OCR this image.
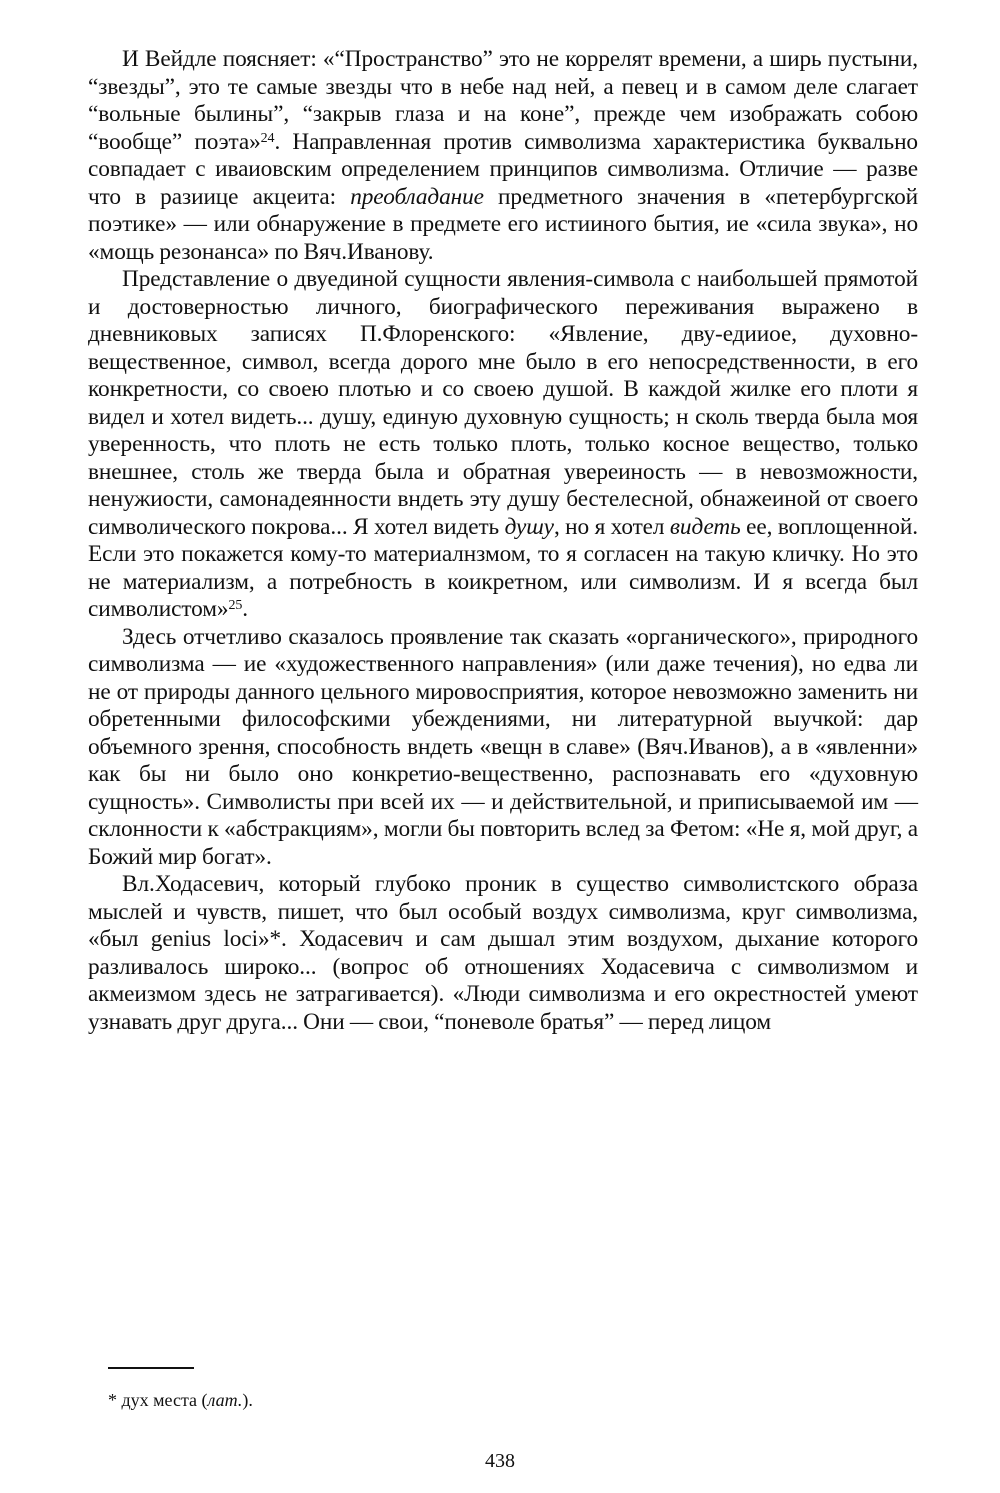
И Вейдле поясняет: «“Пространство” это не коррелят времени, а ширь пустыни, “звезды”, это те самые звезды что в небе над ней, а певец и в самом деле слагает “вольные былины”, “закрыв глаза и на коне”, прежде чем изображать собою “вообще” поэта»$^{24}$. Направленная против символизма характеристика буквально совпадает с иваиовским определением принципов символизма. Отличие — разве что в разиице акцеита: преобладание предметного значения в «петербургской поэтике» — или обнаружение в предмете его истииного бытия, ие «сила звука», но «мощь резонанса» по Вяч.Иванову.

Представление о двуединой сущности явления-символа с наибольшей прямотой и достоверностью личного, биографического переживания выражено в дневниковых записях П.Флоренского: «Явление, дву-едииое, духовно-вещественное, символ, всегда дорого мне было в его непосредственности, в его конкретности, со своею плотью и со своею душой. В каждой жилке его плоти я видел и хотел видеть... душу, единую духовную сущность; н сколь тверда была моя уверенность, что плоть не есть только плоть, только косное вещество, только внешнее, столь же тверда была и обратная увереиность — в невозможности, ненужиости, самонадеянности вндеть эту душу бестелесной, обнажеиной от своего символического покрова... Я хотел видеть душу, но я хотел видеть ее, воплощенной. Если это покажется кому-то материалнзмом, то я согласен на такую кличку. Но это не материализм, а потребность в коикретном, или символизм. И я всегда был символистом»$^{25}$.

Здесь отчетливо сказалось проявление так сказать «органического», природного символизма — ие «художественного направления» (или даже течения), но едва ли не от природы данного цельного мировосприятия, которое невозможно заменить ни обретенными философскими убеждениями, ни литературной выучкой: дар объемного зрення, способность вндеть «вещн в славе» (Вяч.Иванов), а в «явленни» как бы ни было оно конкретио-вещественно, распознавать его «духовную сущность». Символисты при всей их — и действительной, и приписываемой им — склонности к «абстракциям», могли бы повторить вслед за Фетом: «Не я, мой друг, а Божий мир богат».

Вл.Ходасевич, который глубоко проник в существо символистского образа мыслей и чувств, пишет, что был особый воздух символизма, круг символизма, «был genius loci»*. Ходасевич и сам дышал этим воздухом, дыхание которого разливалось широко... (вопрос об отношениях Ходасевича с символизмом и акмеизмом здесь не затрагивается). «Люди символизма и его окрестностей умеют узнавать друг друга... Они — свои, “поневоле братья” — перед лицом

* дух места (лат.).

438
